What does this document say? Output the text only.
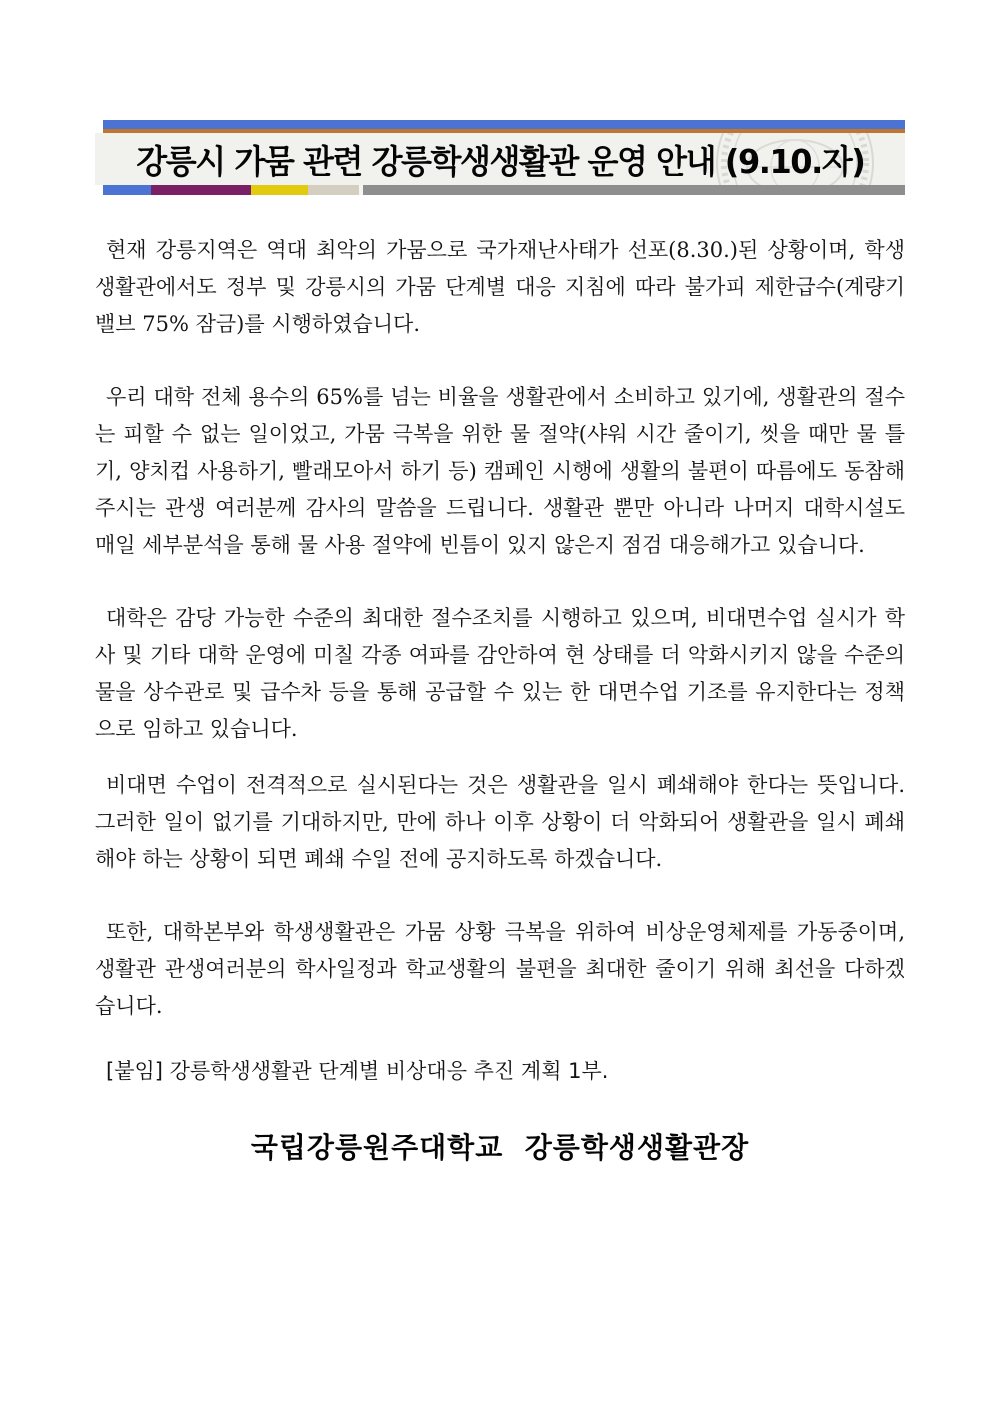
강릉시 가뭄 관련 강릉학생생활관 운영 안내 (9.10.자)

현재 강릉지역은 역대 최악의 가뭄으로 국가재난사태가 선포(8.30.)된 상황이며, 학생생활관에서도 정부 및 강릉시의 가뭄 단계별 대응 지침에 따라 불가피 제한급수(계량기 밸브 75% 잠금)를 시행하였습니다.

우리 대학 전체 용수의 65%를 넘는 비율을 생활관에서 소비하고 있기에, 생활관의 절수는 피할 수 없는 일이었고, 가뭄 극복을 위한 물 절약(샤워 시간 줄이기, 씻을 때만 물 틀기, 양치컵 사용하기, 빨래모아서 하기 등) 캠페인 시행에 생활의 불편이 따름에도 동참해 주시는 관생 여러분께 감사의 말씀을 드립니다. 생활관 뿐만 아니라 나머지 대학시설도 매일 세부분석을 통해 물 사용 절약에 빈틈이 있지 않은지 점검 대응해가고 있습니다.

대학은 감당 가능한 수준의 최대한 절수조치를 시행하고 있으며, 비대면수업 실시가 학사 및 기타 대학 운영에 미칠 각종 여파를 감안하여 현 상태를 더 악화시키지 않을 수준의 물을 상수관로 및 급수차 등을 통해 공급할 수 있는 한 대면수업 기조를 유지한다는 정책으로 임하고 있습니다.

비대면 수업이 전격적으로 실시된다는 것은 생활관을 일시 폐쇄해야 한다는 뜻입니다. 그러한 일이 없기를 기대하지만, 만에 하나 이후 상황이 더 악화되어 생활관을 일시 폐쇄해야 하는 상황이 되면 폐쇄 수일 전에 공지하도록 하겠습니다.

또한, 대학본부와 학생생활관은 가뭄 상황 극복을 위하여 비상운영체제를 가동중이며, 생활관 관생여러분의 학사일정과 학교생활의 불편을 최대한 줄이기 위해 최선을 다하겠습니다.

[붙임] 강릉학생생활관 단계별 비상대응 추진 계획 1부.

국립강릉원주대학교  강릉학생생활관장
